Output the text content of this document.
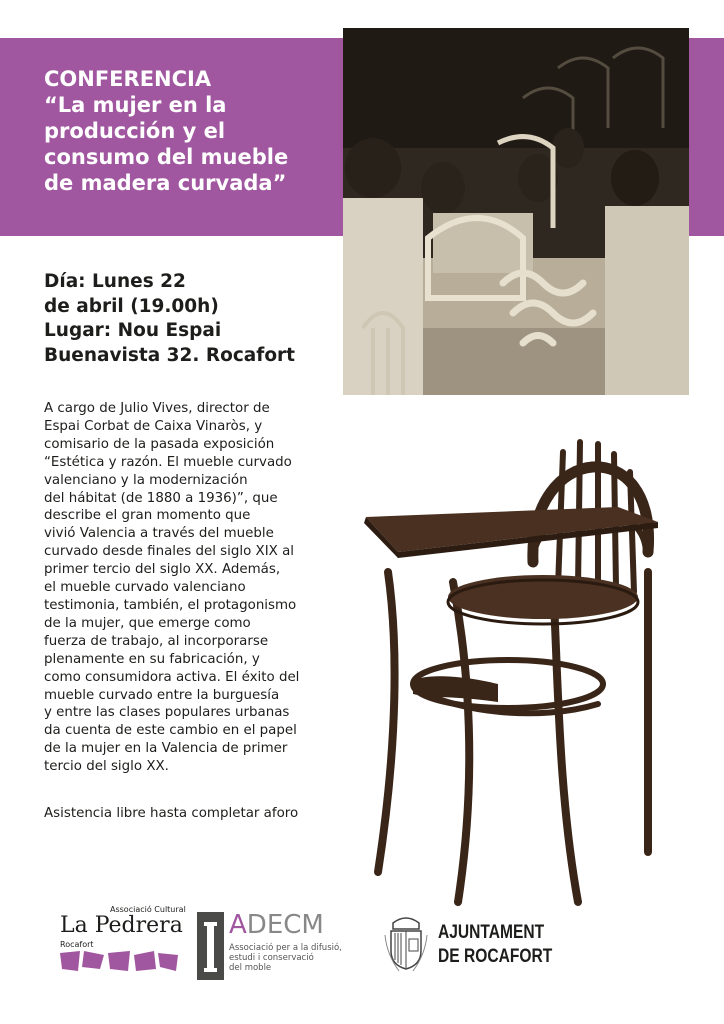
CONFERENCIA
“La mujer en la
producción y el
consumo del mueble
de madera curvada”
Día: Lunes 22
de abril (19.00h)
Lugar: Nou Espai
Buenavista 32. Rocafort
A cargo de Julio Vives, director de
Espai Corbat de Caixa Vinaròs, y
comisario de la pasada exposición
“Estética y razón. El mueble curvado
valenciano y la modernización
del hábitat (de 1880 a 1936)”, que
describe el gran momento que
vivió Valencia a través del mueble
curvado desde finales del siglo XIX al
primer tercio del siglo XX. Además,
el mueble curvado valenciano
testimonia, también, el protagonismo
de la mujer, que emerge como
fuerza de trabajo, al incorporarse
plenamente en su fabricación, y
como consumidora activa. El éxito del
mueble curvado entre la burguesía
y entre las clases populares urbanas
da cuenta de este cambio en el papel
de la mujer en la Valencia de primer
tercio del siglo XX.

Asistencia libre hasta completar aforo

Associació Cultural
La Pedrera
Rocafort
ADECM
Associació per a la difusió,
estudi i conservació
del moble
AJUNTAMENT
DE ROCAFORT
